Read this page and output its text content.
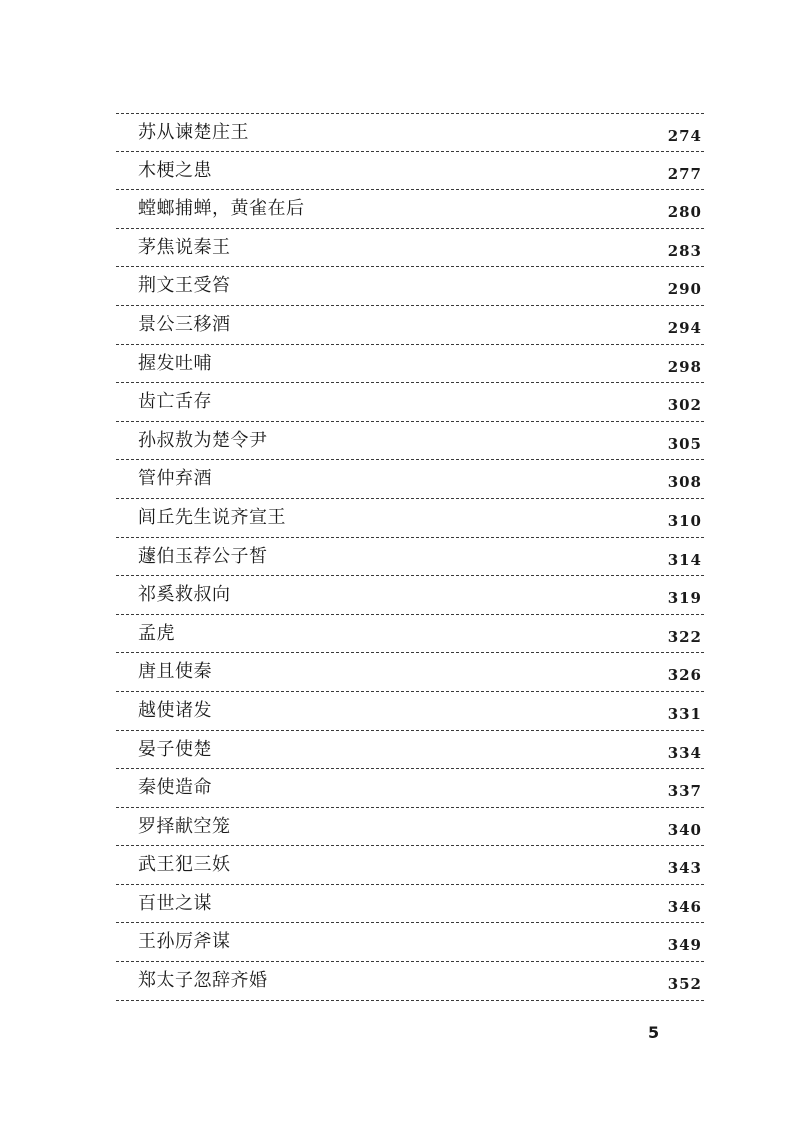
苏从谏楚庄王	274
木梗之患	277
螳螂捕蝉，黄雀在后	280
茅焦说秦王	283
荆文王受笞	290
景公三移酒	294
握发吐哺	298
齿亡舌存	302
孙叔敖为楚令尹	305
管仲弃酒	308
闾丘先生说齐宣王	310
蘧伯玉荐公子皙	314
祁奚救叔向	319
孟虎	322
唐且使秦	326
越使诸发	331
晏子使楚	334
秦使造命	337
罗择献空笼	340
武王犯三妖	343
百世之谋	346
王孙厉斧谋	349
郑太子忽辞齐婚	352
5
